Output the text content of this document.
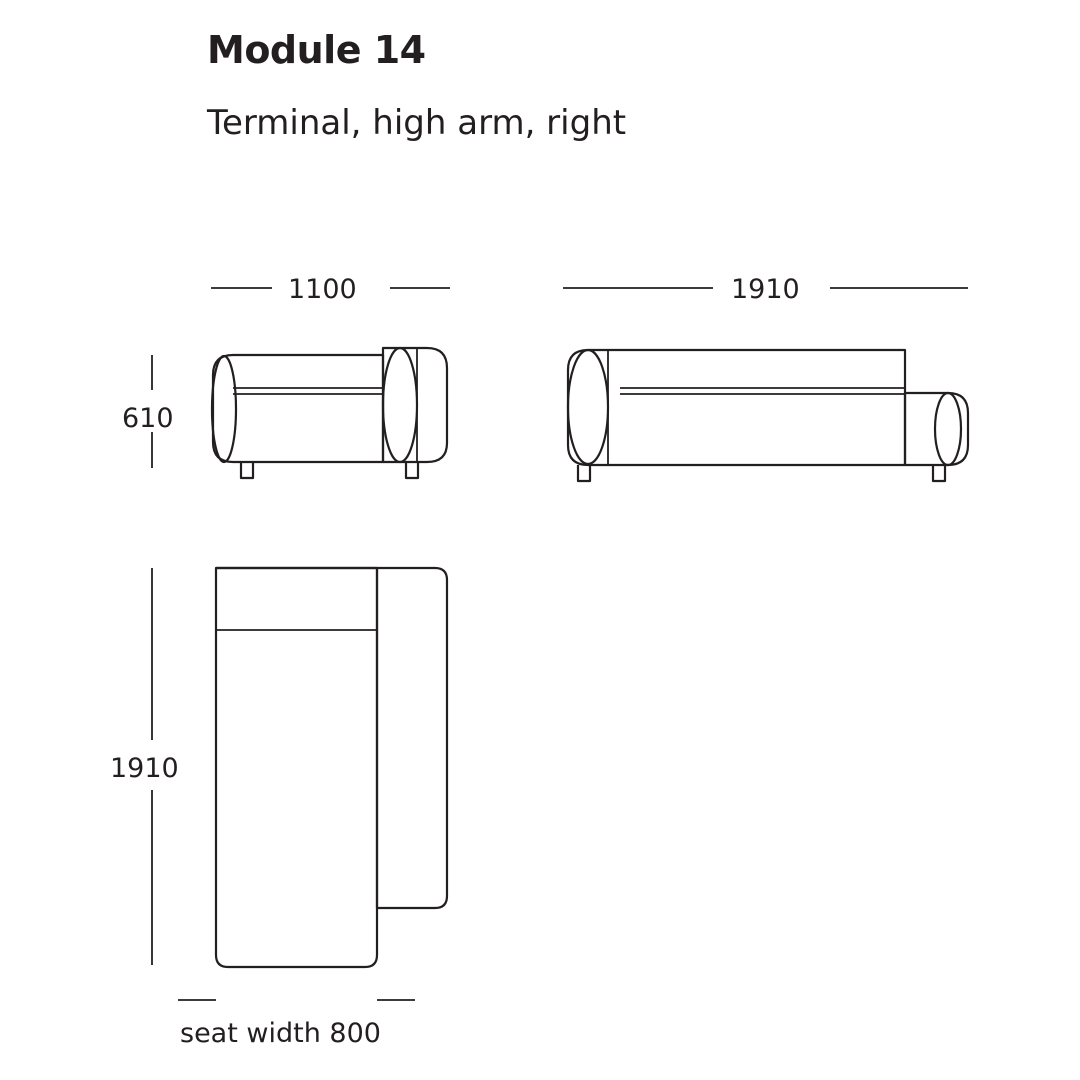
Module 14
Terminal, high arm, right
1100	1910
610
1910
seat width 800
